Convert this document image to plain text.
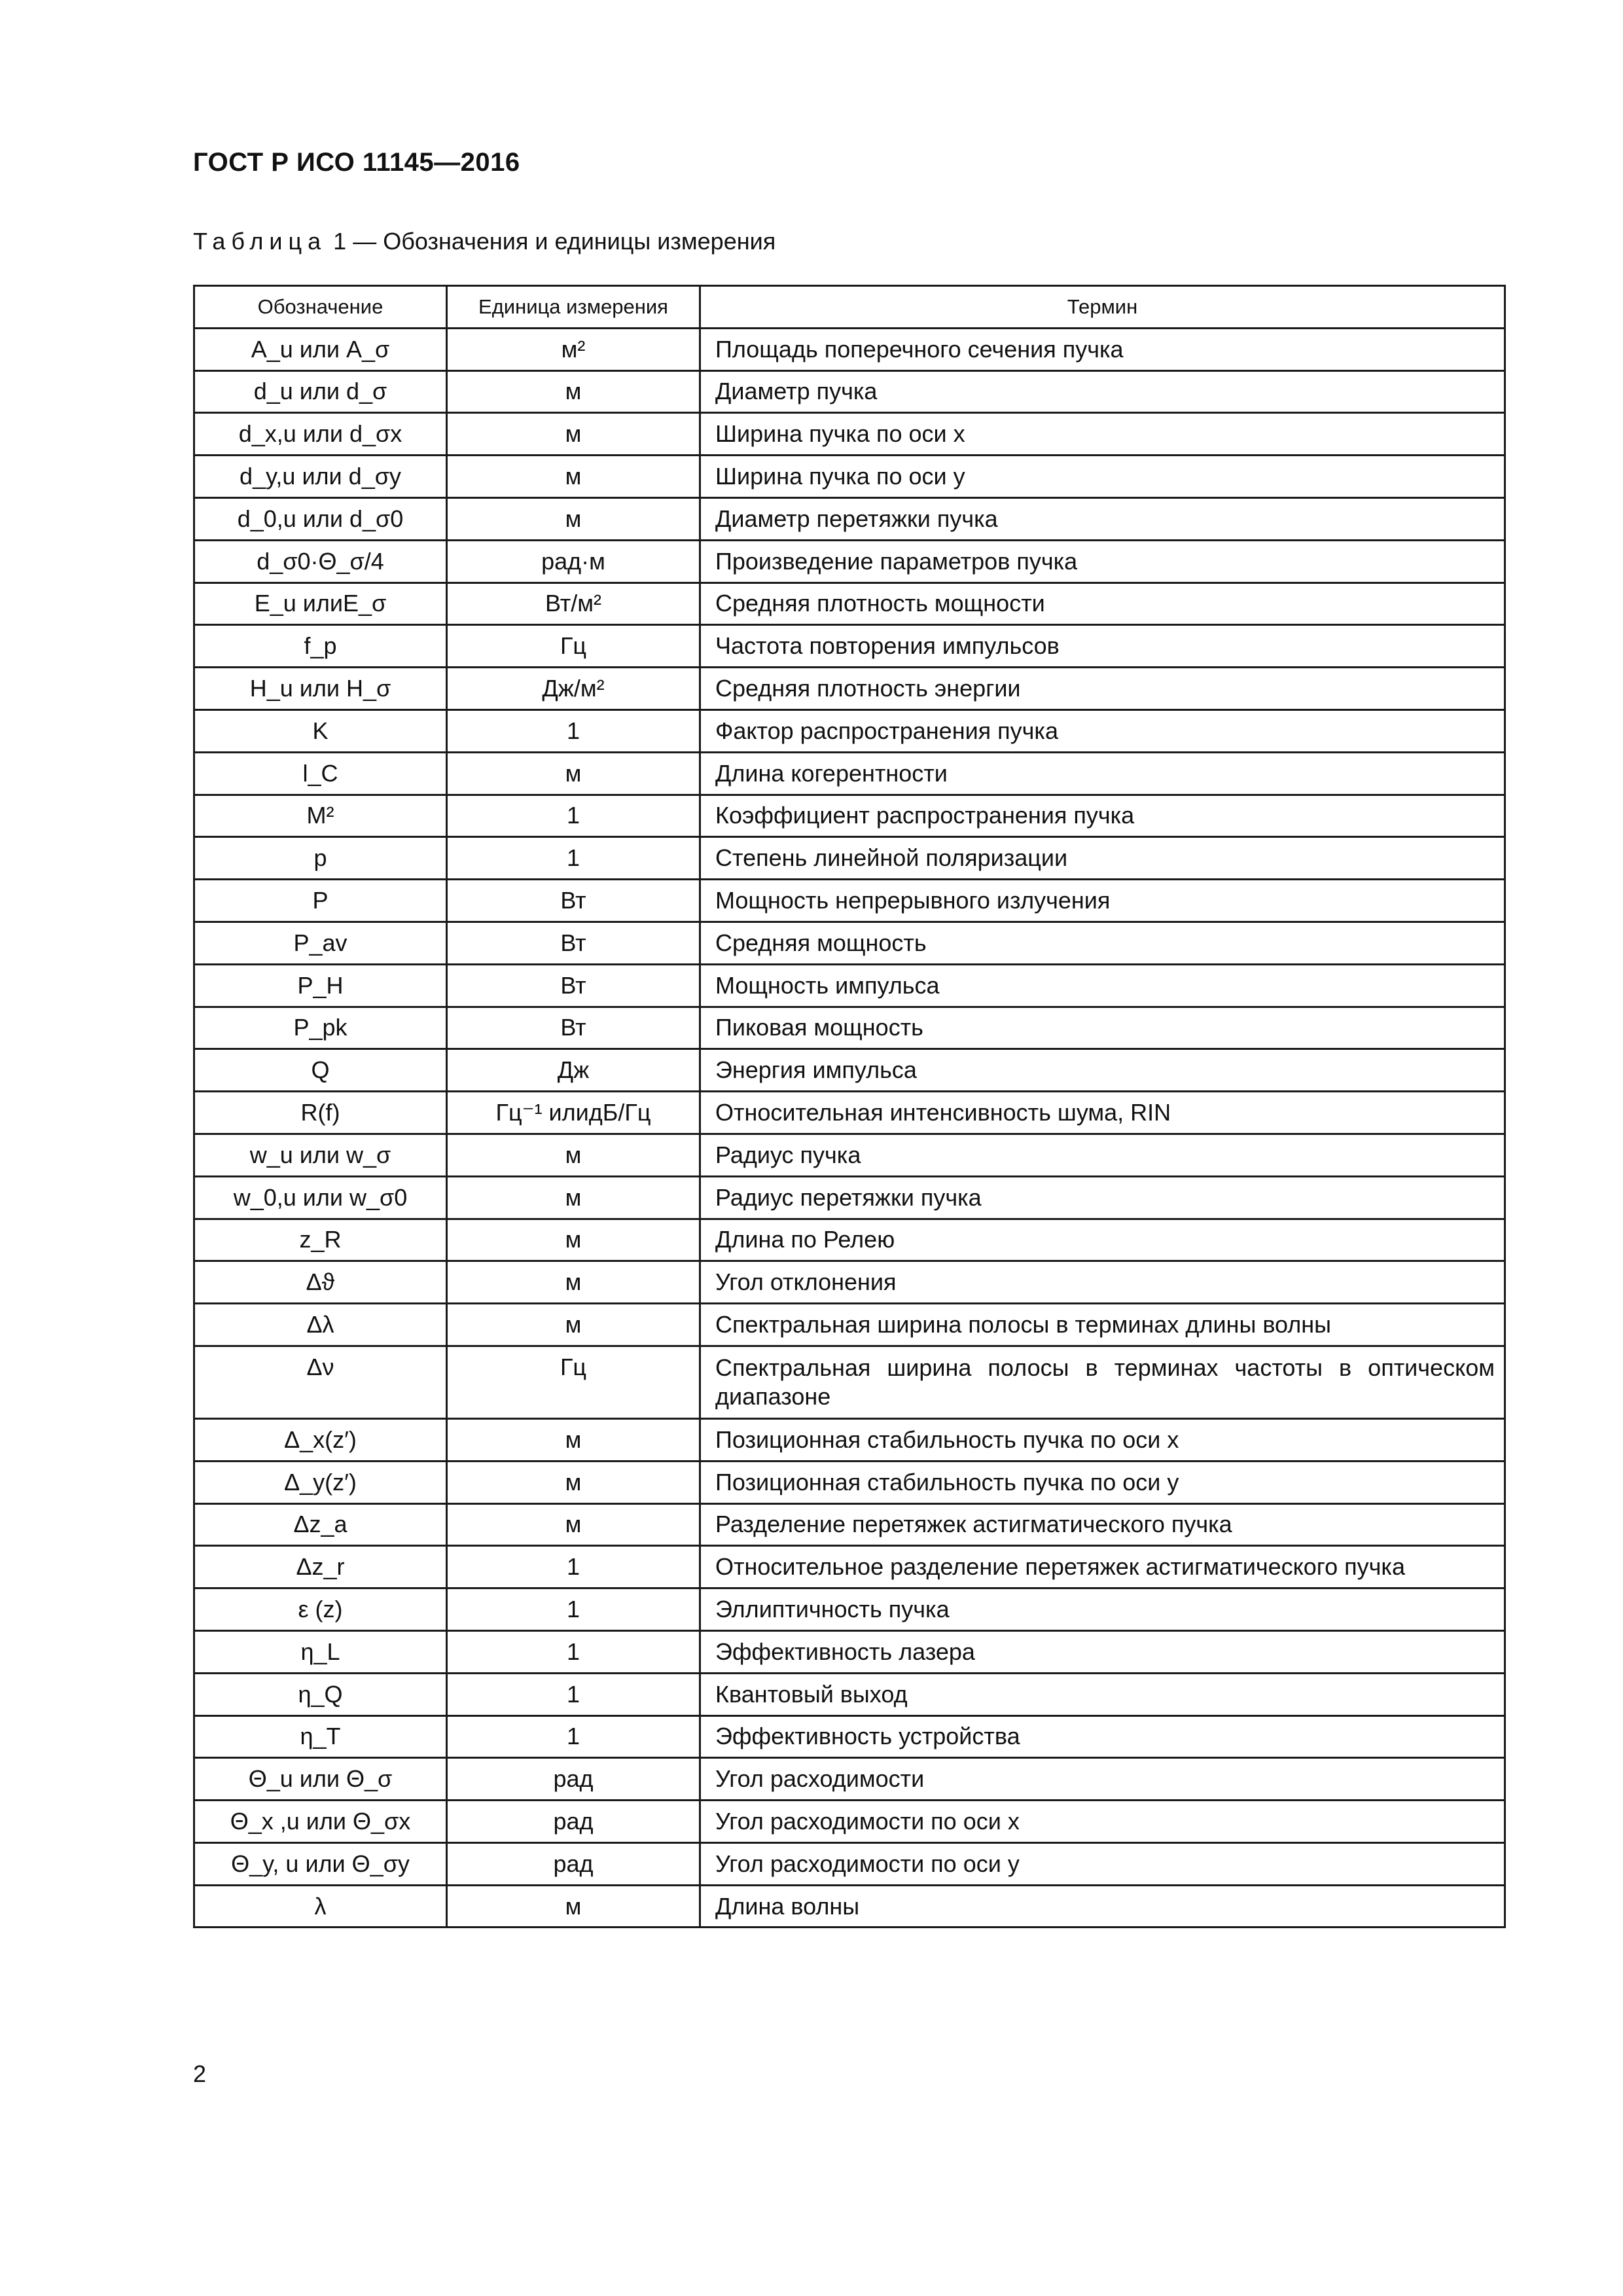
ГОСТ Р ИСО 11145—2016
Таблица 1 — Обозначения и единицы измерения
Обозначение	Единица измерения	Термин
A_u или A_σ	м²	Площадь поперечного сечения пучка
d_u или d_σ	м	Диаметр пучка
d_x,u или d_σx	м	Ширина пучка по оси x
d_y,u или d_σy	м	Ширина пучка по оси y
d_0,u или d_σ0	м	Диаметр перетяжки пучка
d_σ0·Θ_σ/4	рад·м	Произведение параметров пучка
E_u илиE_σ	Вт/м²	Средняя плотность мощности
f_p	Гц	Частота повторения импульсов
H_u или H_σ	Дж/м²	Средняя плотность энергии
K	1	Фактор распространения пучка
l_C	м	Длина когерентности
M²	1	Коэффициент распространения пучка
p	1	Степень линейной поляризации
P	Вт	Мощность непрерывного излучения
P_av	Вт	Средняя мощность
P_H	Вт	Мощность импульса
P_pk	Вт	Пиковая мощность
Q	Дж	Энергия импульса
R(f)	Гц⁻¹ илидБ/Гц	Относительная интенсивность шума, RIN
w_u или w_σ	м	Радиус пучка
w_0,u или w_σ0	м	Радиус перетяжки пучка
z_R	м	Длина по Релею
Δϑ	м	Угол отклонения
Δλ	м	Спектральная ширина полосы в терминах длины волны
Δν	Гц	Спектральная ширина полосы в терминах частоты в оптическом диапазоне
Δ_x(z′)	м	Позиционная стабильность пучка по оси x
Δ_y(z′)	м	Позиционная стабильность пучка по оси y
Δz_a	м	Разделение перетяжек астигматического пучка
Δz_r	1	Относительное разделение перетяжек астигматического пучка
ε (z)	1	Эллиптичность пучка
η_L	1	Эффективность лазера
η_Q	1	Квантовый выход
η_T	1	Эффективность устройства
Θ_u или Θ_σ	рад	Угол расходимости
Θ_x ,u или Θ_σx	рад	Угол расходимости по оси x
Θ_y, u или Θ_σy	рад	Угол расходимости по оси y
λ	м	Длина волны
2
